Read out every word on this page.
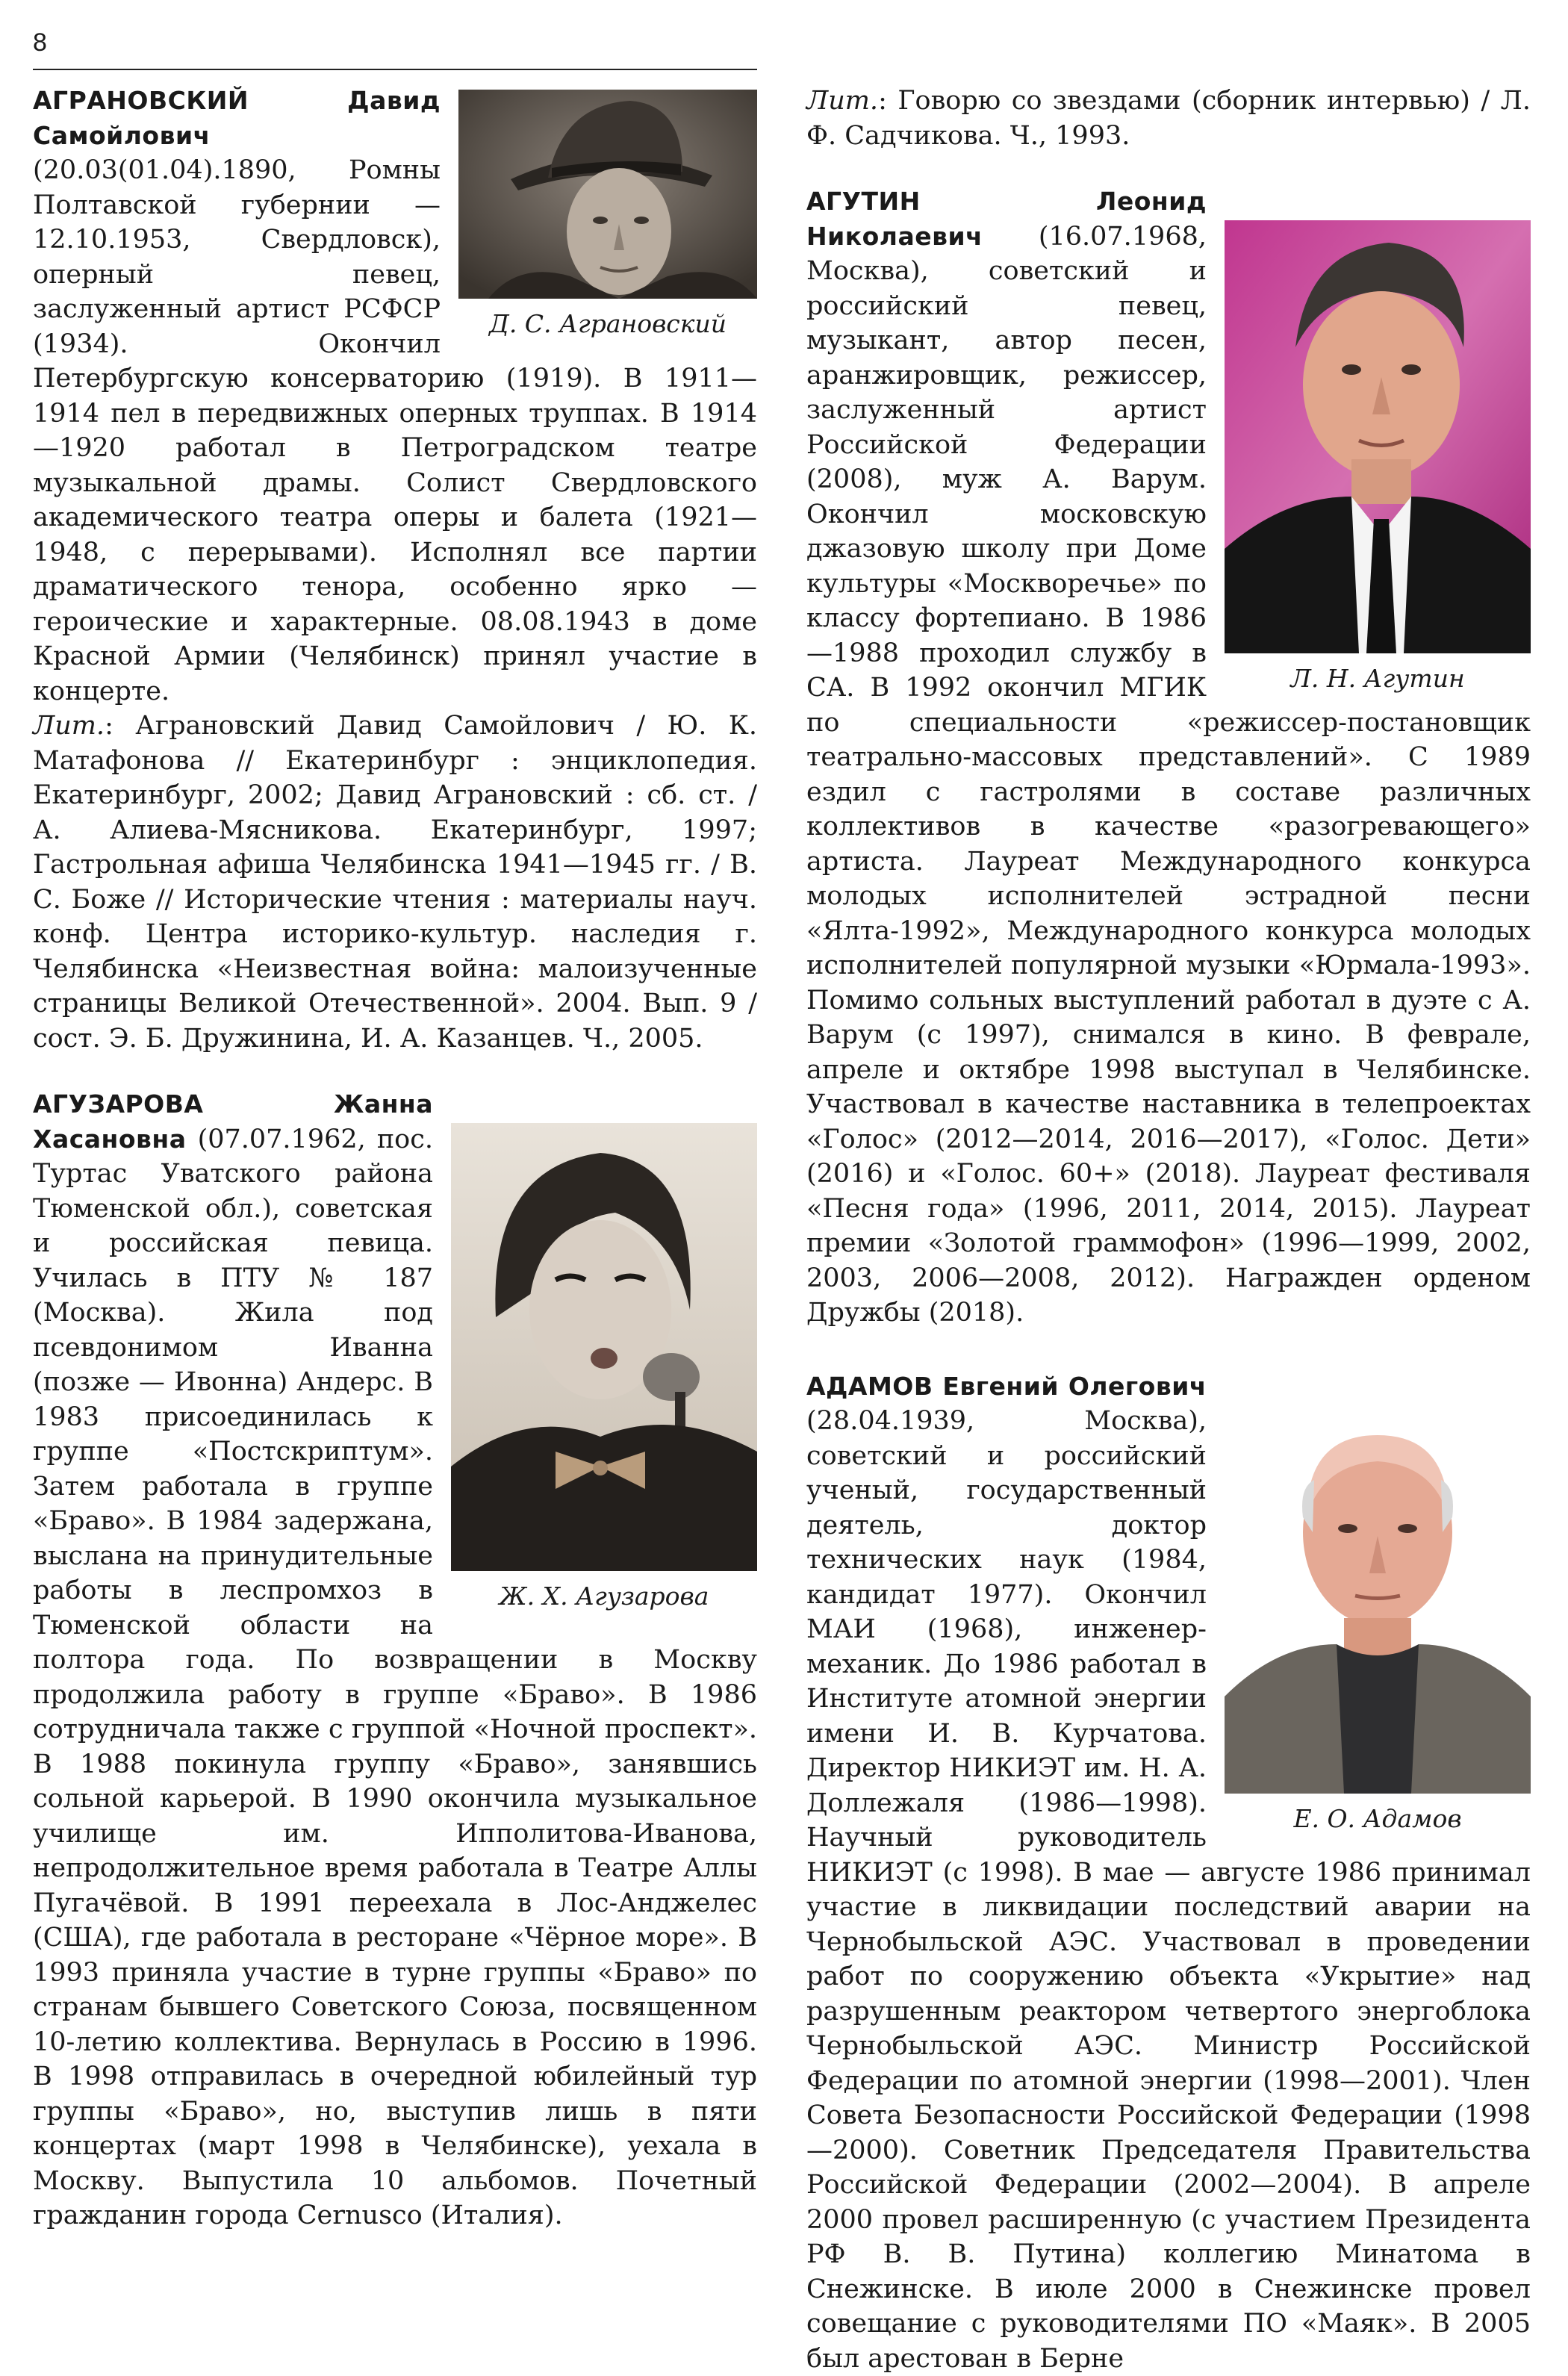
8
Д. С. Аграновский

АГРАНОВСКИЙ Давид Самойлович (20.03(01.04).1890, Ромны Полтавской губернии — 12.10.1953, Свердловск), оперный певец, заслуженный артист РСФСР (1934). Окончил Петербургскую консерваторию (1919). В 1911—1914 пел в передвижных оперных труппах. В 1914—1920 работал в Петроградском театре музыкальной драмы. Солист Свердловского академического театра оперы и балета (1921—1948, с перерывами). Исполнял все партии драматического тенора, особенно ярко — героические и характерные. 08.08.1943 в доме Красной Армии (Челябинск) принял участие в концерте.

Лит.: Аграновский Давид Самойлович / Ю. К. Матафонова // Екатеринбург : энциклопедия. Екатеринбург, 2002; Давид Аграновский : сб. ст. / А. Алиева-Мясникова. Екатеринбург, 1997; Гастрольная афиша Челябинска 1941—1945 гг. / В. С. Боже // Исторические чтения : материалы науч. конф. Центра историко-культур. наследия г. Челябинска «Неизвестная война: малоизученные страницы Великой Отечественной». 2004. Вып. 9 / сост. Э. Б. Дружинина, И. А. Казанцев. Ч., 2005.

Ж. Х. Агузарова

АГУЗАРОВА Жанна Хасановна (07.07.1962, пос. Туртас Уватского района Тюменской обл.), советская и российская певица. Училась в ПТУ № 187 (Москва). Жила под псевдонимом Иванна (позже — Ивонна) Андерс. В 1983 присоединилась к группе «Постскриптум». Затем работала в группе «Браво». В 1984 задержана, выслана на принудительные работы в леспромхоз в Тюменской области на полтора года. По возвращении в Москву продолжила работу в группе «Браво». В 1986 сотрудничала также с группой «Ночной проспект». В 1988 покинула группу «Браво», занявшись сольной карьерой. В 1990 окончила музыкальное училище им. Ипполитова-Иванова, непродолжительное время работала в Театре Аллы Пугачёвой. В 1991 переехала в Лос-Анджелес (США), где работала в ресторане «Чёрное море». В 1993 приняла участие в турне группы «Браво» по странам бывшего Советского Союза, посвященном 10-летию коллектива. Вернулась в Россию в 1996. В 1998 отправилась в очередной юбилейный тур группы «Браво», но, выступив лишь в пяти концертах (март 1998 в Челябинске), уехала в Москву. Выпустила 10 альбомов. Почетный гражданин города Cernusco (Италия).

Лит.: Говорю со звездами (сборник интервью) / Л. Ф. Садчикова. Ч., 1993.

Л. Н. Агутин

АГУТИН Леонид Николаевич (16.07.1968, Москва), советский и российский певец, музыкант, автор песен, аранжировщик, режиссер, заслуженный артист Российской Федерации (2008), муж А. Варум. Окончил московскую джазовую школу при Доме культуры «Москворечье» по классу фортепиано. В 1986—1988 проходил службу в СА. В 1992 окончил МГИК по специальности «режиссер-постановщик театрально-массовых представлений». С 1989 ездил с гастролями в составе различных коллективов в качестве «разогревающего» артиста. Лауреат Международного конкурса молодых исполнителей эстрадной песни «Ялта-1992», Международного конкурса молодых исполнителей популярной музыки «Юрмала-1993». Помимо сольных выступлений работал в дуэте с А. Варум (с 1997), снимался в кино. В феврале, апреле и октябре 1998 выступал в Челябинске. Участвовал в качестве наставника в телепроектах «Голос» (2012—2014, 2016—2017), «Голос. Дети» (2016) и «Голос. 60+» (2018). Лауреат фестиваля «Песня года» (1996, 2011, 2014, 2015). Лауреат премии «Золотой граммофон» (1996—1999, 2002, 2003, 2006—2008, 2012). Награжден орденом Дружбы (2018).

Е. О. Адамов

АДАМОВ Евгений Олегович (28.04.1939, Москва), советский и российский ученый, государственный деятель, доктор технических наук (1984, кандидат 1977). Окончил МАИ (1968), инженер-механик. До 1986 работал в Институте атомной энергии имени И. В. Курчатова. Директор НИКИЭТ им. Н. А. Доллежаля (1986—1998). Научный руководитель НИКИЭТ (с 1998). В мае — августе 1986 принимал участие в ликвидации последствий аварии на Чернобыльской АЭС. Участвовал в проведении работ по сооружению объекта «Укрытие» над разрушенным реактором четвертого энергоблока Чернобыльской АЭС. Министр Российской Федерации по атомной энергии (1998—2001). Член Совета Безопасности Российской Федерации (1998—2000). Советник Председателя Правительства Российской Федерации (2002—2004). В апреле 2000 провел расширенную (с участием Президента РФ В. В. Путина) коллегию Минатома в Снежинске. В июле 2000 в Снежинске провел совещание с руководителями ПО «Маяк». В 2005 был арестован в Берне
